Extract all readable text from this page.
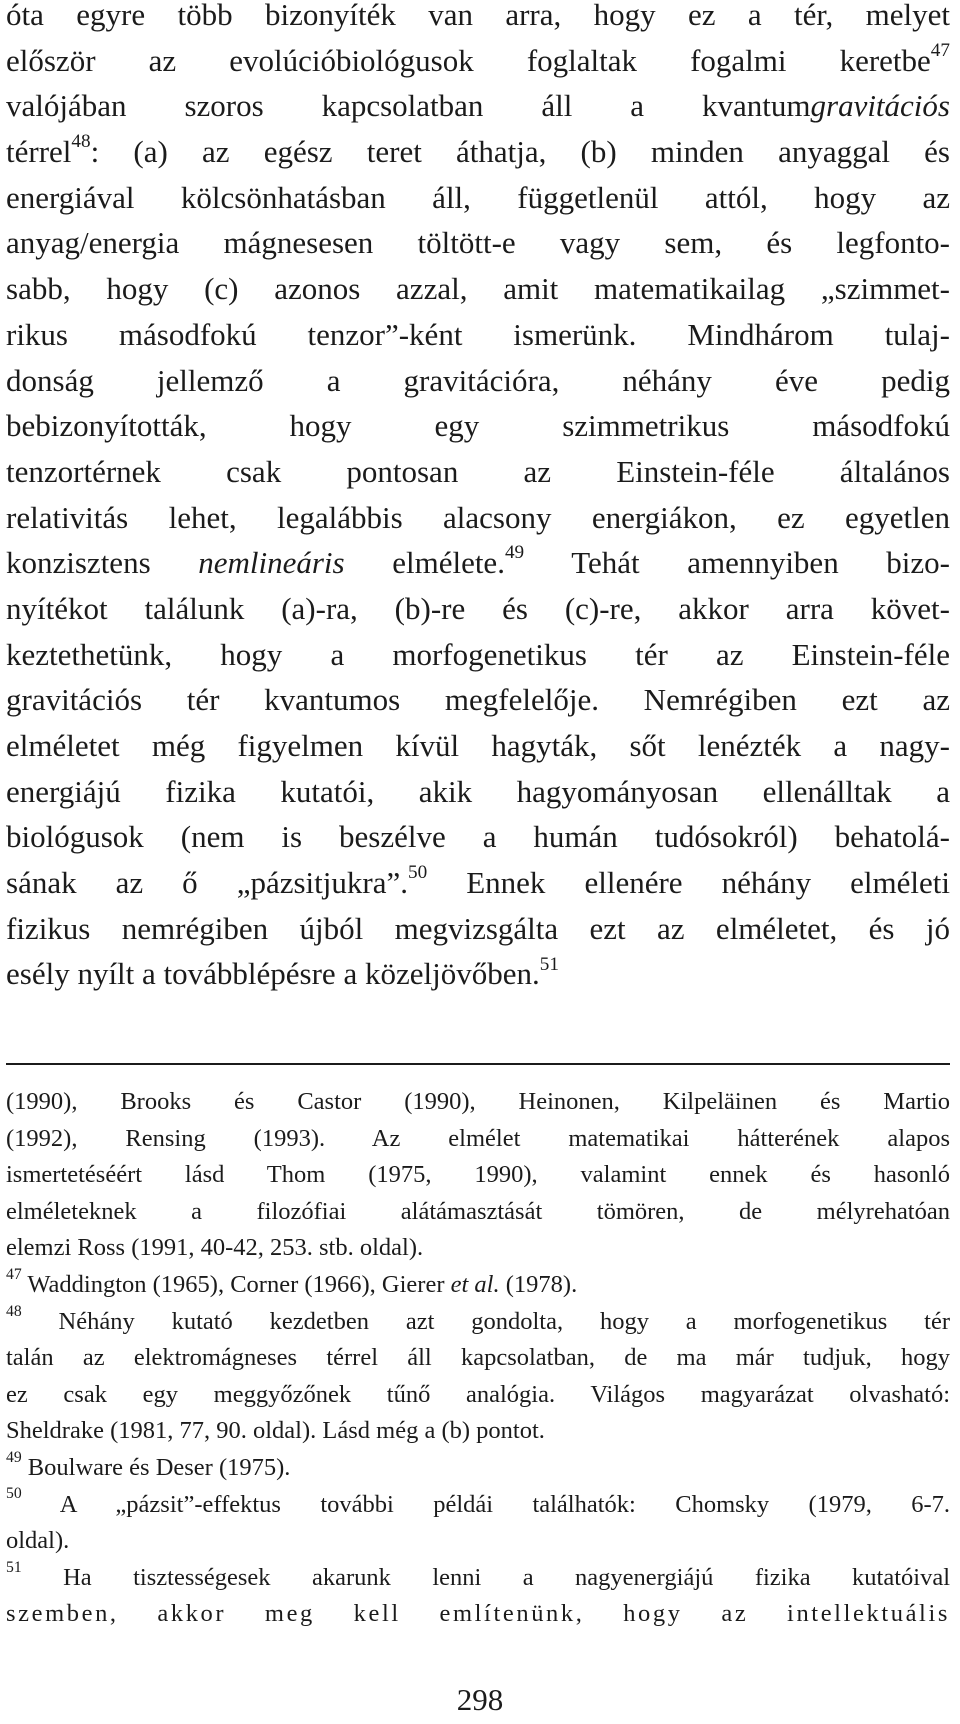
óta egyre több bizonyíték van arra, hogy ez a tér, melyet
először az evolúcióbiológusok foglaltak fogalmi keretbe$^{47}$
valójában szoros kapcsolatban áll a kvantumgravitációs
térrel$^{48}$: (a) az egész teret áthatja, (b) minden anyaggal és
energiával kölcsönhatásban áll, függetlenül attól, hogy az
anyag/energia mágnesesen töltött-e vagy sem, és legfonto-
sabb, hogy (c) azonos azzal, amit matematikailag „szimmet-
rikus másodfokú tenzor”-ként ismerünk. Mindhárom tulaj-
donság jellemző a gravitációra, néhány éve pedig
bebizonyították, hogy egy szimmetrikus másodfokú
tenzortérnek csak pontosan az Einstein-féle általános
relativitás lehet, legalábbis alacsony energiákon, ez egyetlen
konzisztens nemlineáris elmélete.$^{49}$ Tehát amennyiben bizo-
nyítékot találunk (a)-ra, (b)-re és (c)-re, akkor arra követ-
keztethetünk, hogy a morfogenetikus tér az Einstein-féle
gravitációs tér kvantumos megfelelője. Nemrégiben ezt az
elméletet még figyelmen kívül hagyták, sőt lenézték a nagy-
energiájú fizika kutatói, akik hagyományosan ellenálltak a
biológusok (nem is beszélve a humán tudósokról) behatolá-
sának az ő „pázsitjukra”.$^{50}$ Ennek ellenére néhány elméleti
fizikus nemrégiben újból megvizsgálta ezt az elméletet, és jó
esély nyílt a továbblépésre a közeljövőben.$^{51}$
(1990), Brooks és Castor (1990), Heinonen, Kilpeläinen és Martio
(1992), Rensing (1993). Az elmélet matematikai hátterének alapos
ismertetéséért lásd Thom (1975, 1990), valamint ennek és hasonló
elméleteknek a filozófiai alátámasztását tömören, de mélyrehatóan
elemzi Ross (1991, 40-42, 253. stb. oldal).
$^{47}$ Waddington (1965), Corner (1966), Gierer et al. (1978).
$^{48}$ Néhány kutató kezdetben azt gondolta, hogy a morfogenetikus tér
talán az elektromágneses térrel áll kapcsolatban, de ma már tudjuk, hogy
ez csak egy meggyőzőnek tűnő analógia. Világos magyarázat olvasható:
Sheldrake (1981, 77, 90. oldal). Lásd még a (b) pontot.
$^{49}$ Boulware és Deser (1975).
$^{50}$ A „pázsit”-effektus további példái találhatók: Chomsky (1979, 6-7.
oldal).
$^{51}$ Ha tisztességesek akarunk lenni a nagyenergiájú fizika kutatóival
szemben, akkor meg kell említenünk, hogy az intellektuális
298
